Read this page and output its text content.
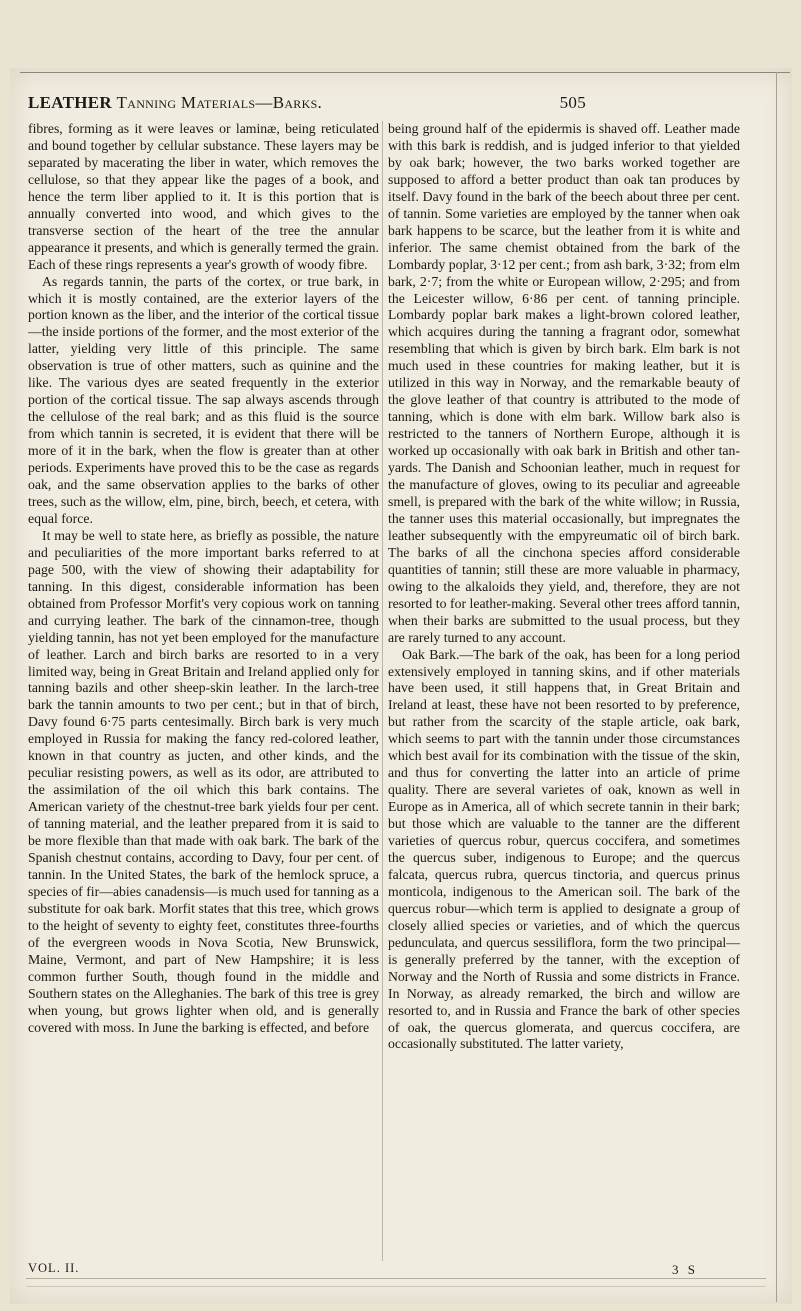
LEATHER Tanning Materials—Barks.	505

fibres, forming as it were leaves or laminæ, being reticulated and bound together by cellular substance. These layers may be separated by macerating the liber in water, which removes the cellulose, so that they appear like the pages of a book, and hence the term liber applied to it. It is this portion that is annually converted into wood, and which gives to the transverse section of the heart of the tree the annular appearance it presents, and which is generally termed the grain. Each of these rings represents a year's growth of woody fibre.

As regards tannin, the parts of the cortex, or true bark, in which it is mostly contained, are the exterior layers of the portion known as the liber, and the interior of the cortical tissue—the inside portions of the former, and the most exterior of the latter, yielding very little of this principle. The same observation is true of other matters, such as quinine and the like. The various dyes are seated frequently in the exterior portion of the cortical tissue. The sap always ascends through the cellulose of the real bark; and as this fluid is the source from which tannin is secreted, it is evident that there will be more of it in the bark, when the flow is greater than at other periods. Experiments have proved this to be the case as regards oak, and the same observation applies to the barks of other trees, such as the willow, elm, pine, birch, beech, et cetera, with equal force.

It may be well to state here, as briefly as possible, the nature and peculiarities of the more important barks referred to at page 500, with the view of showing their adaptability for tanning. In this digest, considerable information has been obtained from Professor Morfit's very copious work on tanning and currying leather. The bark of the cinnamon-tree, though yielding tannin, has not yet been employed for the manufacture of leather. Larch and birch barks are resorted to in a very limited way, being in Great Britain and Ireland applied only for tanning bazils and other sheep-skin leather. In the larch-tree bark the tannin amounts to two per cent.; but in that of birch, Davy found 6·75 parts centesimally. Birch bark is very much employed in Russia for making the fancy red-colored leather, known in that country as jucten, and other kinds, and the peculiar resisting powers, as well as its odor, are attributed to the assimilation of the oil which this bark contains. The American variety of the chestnut-tree bark yields four per cent. of tanning material, and the leather prepared from it is said to be more flexible than that made with oak bark. The bark of the Spanish chestnut contains, according to Davy, four per cent. of tannin. In the United States, the bark of the hemlock spruce, a species of fir—abies canadensis—is much used for tanning as a substitute for oak bark. Morfit states that this tree, which grows to the height of seventy to eighty feet, constitutes three-fourths of the evergreen woods in Nova Scotia, New Brunswick, Maine, Vermont, and part of New Hampshire; it is less common further South, though found in the middle and Southern states on the Alleghanies. The bark of this tree is grey when young, but grows lighter when old, and is generally covered with moss. In June the barking is effected, and before

being ground half of the epidermis is shaved off. Leather made with this bark is reddish, and is judged inferior to that yielded by oak bark; however, the two barks worked together are supposed to afford a better product than oak tan produces by itself. Davy found in the bark of the beech about three per cent. of tannin. Some varieties are employed by the tanner when oak bark happens to be scarce, but the leather from it is white and inferior. The same chemist obtained from the bark of the Lombardy poplar, 3·12 per cent.; from ash bark, 3·32; from elm bark, 2·7; from the white or European willow, 2·295; and from the Leicester willow, 6·86 per cent. of tanning principle. Lombardy poplar bark makes a light-brown colored leather, which acquires during the tanning a fragrant odor, somewhat resembling that which is given by birch bark. Elm bark is not much used in these countries for making leather, but it is utilized in this way in Norway, and the remarkable beauty of the glove leather of that country is attributed to the mode of tanning, which is done with elm bark. Willow bark also is restricted to the tanners of Northern Europe, although it is worked up occasionally with oak bark in British and other tan-yards. The Danish and Schoonian leather, much in request for the manufacture of gloves, owing to its peculiar and agreeable smell, is prepared with the bark of the white willow; in Russia, the tanner uses this material occasionally, but impregnates the leather subsequently with the empyreumatic oil of birch bark. The barks of all the cinchona species afford considerable quantities of tannin; still these are more valuable in pharmacy, owing to the alkaloids they yield, and, therefore, they are not resorted to for leather-making. Several other trees afford tannin, when their barks are submitted to the usual process, but they are rarely turned to any account.

Oak Bark.—The bark of the oak, has been for a long period extensively employed in tanning skins, and if other materials have been used, it still happens that, in Great Britain and Ireland at least, these have not been resorted to by preference, but rather from the scarcity of the staple article, oak bark, which seems to part with the tannin under those circumstances which best avail for its combination with the tissue of the skin, and thus for converting the latter into an article of prime quality. There are several varietes of oak, known as well in Europe as in America, all of which secrete tannin in their bark; but those which are valuable to the tanner are the different varieties of quercus robur, quercus coccifera, and sometimes the quercus suber, indigenous to Europe; and the quercus falcata, quercus rubra, quercus tinctoria, and quercus prinus monticola, indigenous to the American soil. The bark of the quercus robur—which term is applied to designate a group of closely allied species or varieties, and of which the quercus pedunculata, and quercus sessiliflora, form the two principal—is generally preferred by the tanner, with the exception of Norway and the North of Russia and some districts in France. In Norway, as already remarked, the birch and willow are resorted to, and in Russia and France the bark of other species of oak, the quercus glomerata, and quercus coccifera, are occasionally substituted. The latter variety,

VOL. II.	3 S
